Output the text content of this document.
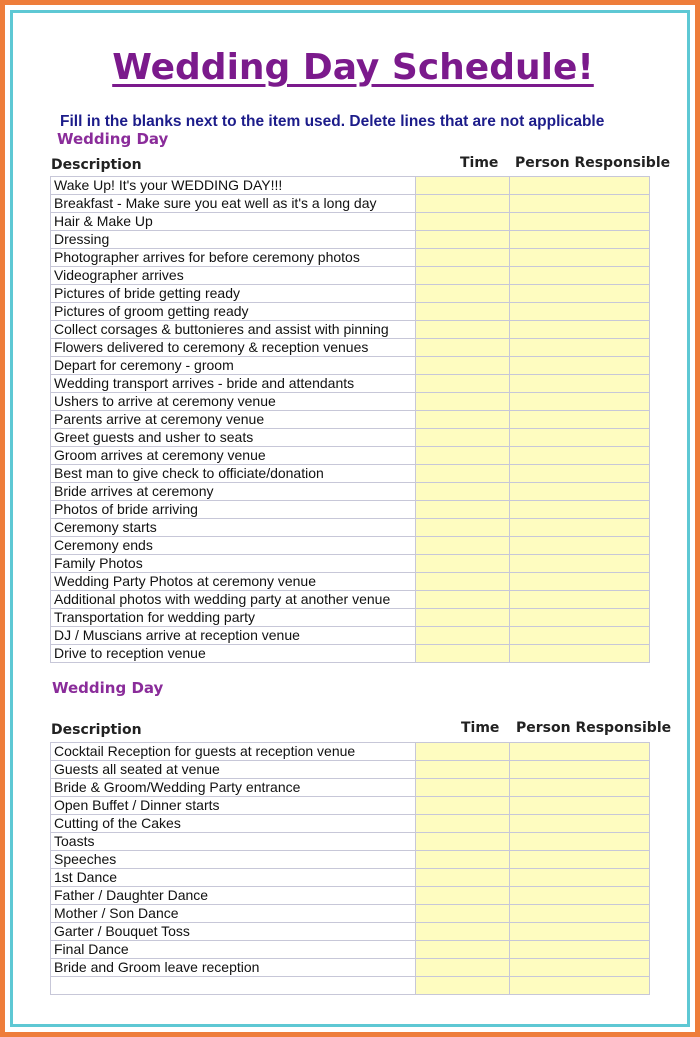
Wedding Day Schedule!

Fill in the blanks next to the item used. Delete lines that are not applicable

Wedding Day
Description	Time Person Responsible
Wake Up! It's your WEDDING DAY!!!		
Breakfast - Make sure you eat well as it's a long day		
Hair & Make Up		
Dressing		
Photographer arrives for before ceremony photos		
Videographer arrives		
Pictures of bride getting ready		
Pictures of groom getting ready		
Collect corsages & buttonieres and assist with pinning		
Flowers delivered to ceremony & reception venues		
Depart for ceremony - groom		
Wedding transport arrives - bride and attendants		
Ushers to arrive at ceremony venue		
Parents arrive at ceremony venue		
Greet guests and usher to seats		
Groom arrives at ceremony venue		
Best man to give check to officiate/donation		
Bride arrives at ceremony		
Photos of bride arriving		
Ceremony starts		
Ceremony ends		
Family Photos		
Wedding Party Photos at ceremony venue		
Additional photos with wedding party at another venue		
Transportation for wedding party		
DJ / Muscians arrive at reception venue		
Drive to reception venue		
Wedding Day
Description	Time Person Responsible
Cocktail Reception for guests at reception venue		
Guests all seated at venue		
Bride & Groom/Wedding Party entrance		
Open Buffet / Dinner starts		
Cutting of the Cakes		
Toasts		
Speeches		
1st Dance		
Father / Daughter Dance		
Mother / Son Dance		
Garter / Bouquet Toss		
Final Dance		
Bride and Groom leave reception		
